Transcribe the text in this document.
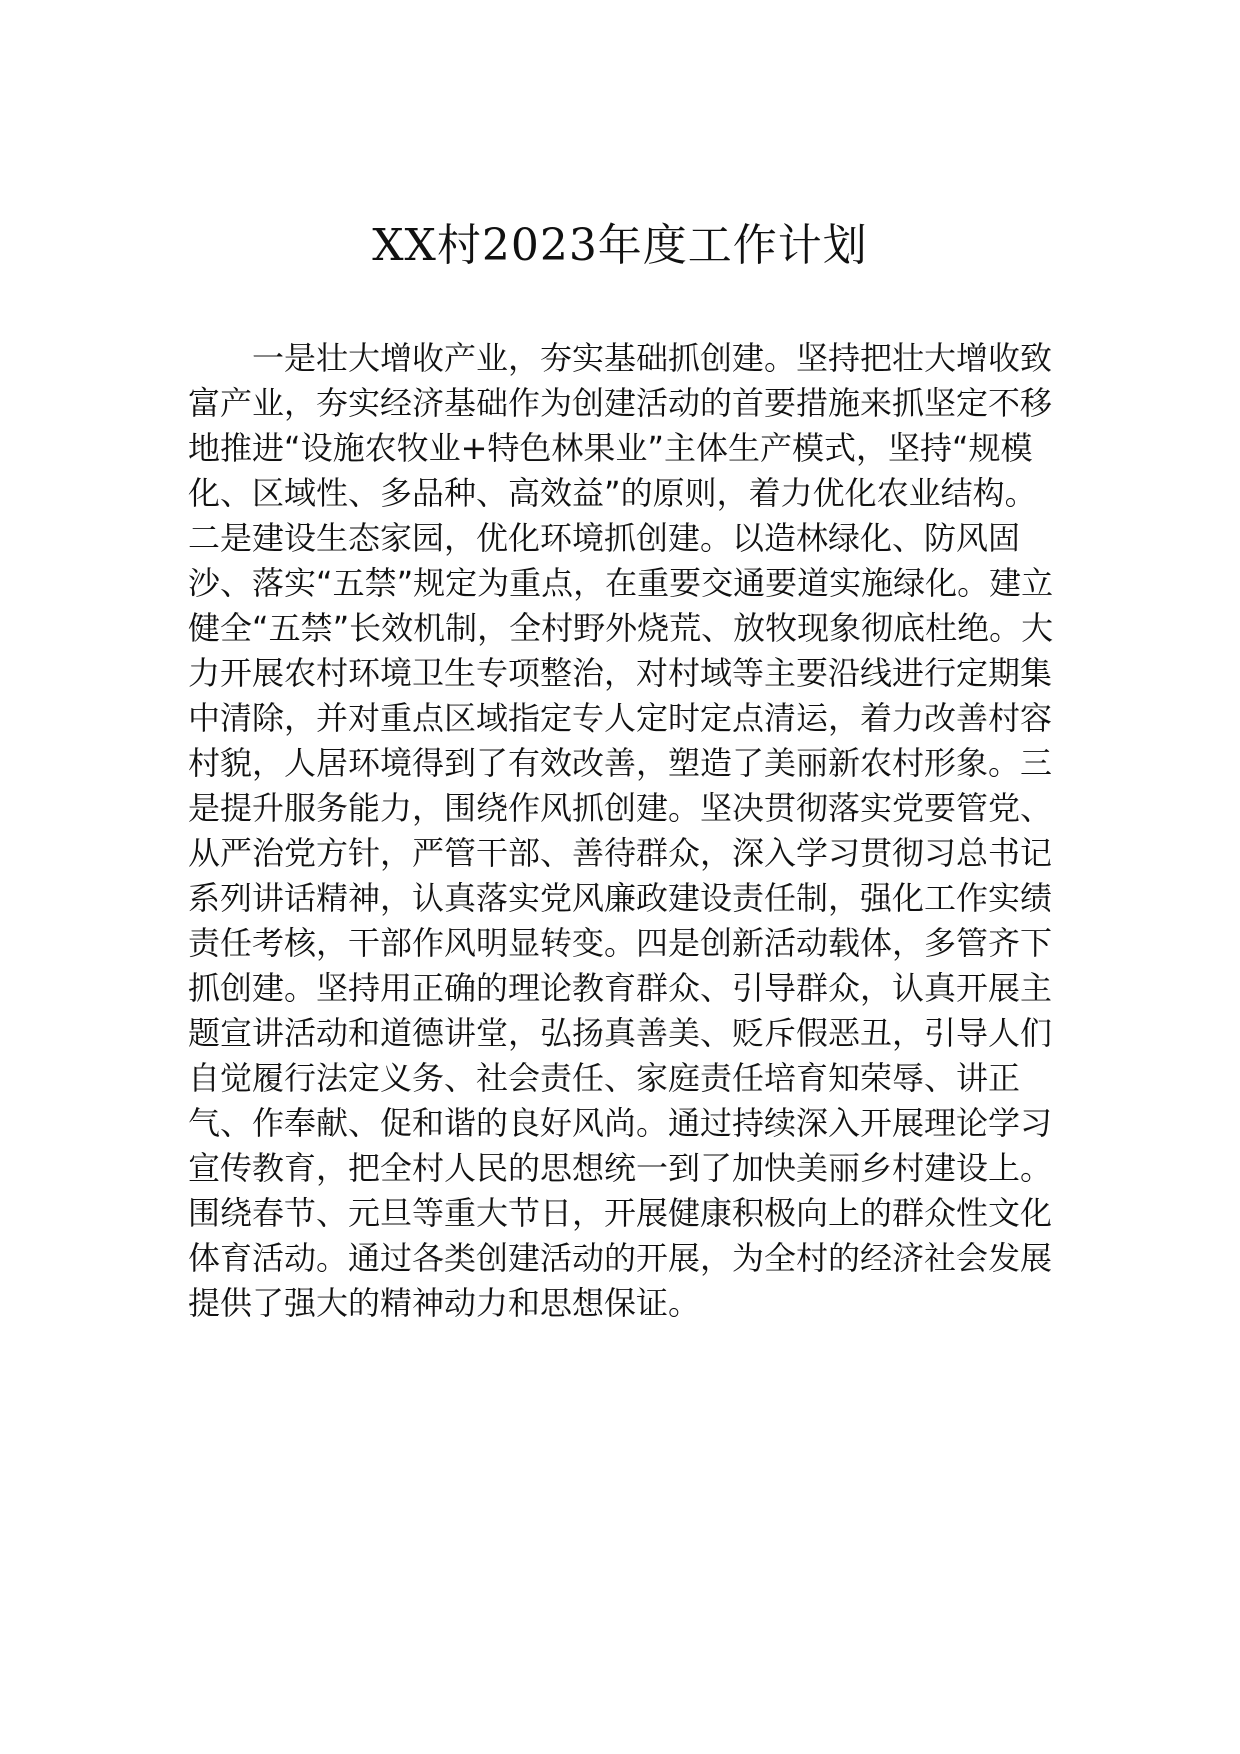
XX村2023年度工作计划

一是壮大增收产业，夯实基础抓创建。坚持把壮大增收致富产业，夯实经济基础作为创建活动的首要措施来抓坚定不移地推进“设施农牧业+特色林果业”主体生产模式，坚持“规模化、区域性、多品种、高效益”的原则，着力优化农业结构。二是建设生态家园，优化环境抓创建。以造林绿化、防风固沙、落实“五禁”规定为重点，在重要交通要道实施绿化。建立健全“五禁”长效机制，全村野外烧荒、放牧现象彻底杜绝。大力开展农村环境卫生专项整治，对村域等主要沿线进行定期集中清除，并对重点区域指定专人定时定点清运，着力改善村容村貌，人居环境得到了有效改善，塑造了美丽新农村形象。三是提升服务能力，围绕作风抓创建。坚决贯彻落实党要管党、从严治党方针，严管干部、善待群众，深入学习贯彻习总书记系列讲话精神，认真落实党风廉政建设责任制，强化工作实绩责任考核，干部作风明显转变。四是创新活动载体，多管齐下抓创建。坚持用正确的理论教育群众、引导群众，认真开展主题宣讲活动和道德讲堂，弘扬真善美、贬斥假恶丑，引导人们自觉履行法定义务、社会责任、家庭责任培育知荣辱、讲正气、作奉献、促和谐的良好风尚。通过持续深入开展理论学习宣传教育，把全村人民的思想统一到了加快美丽乡村建设上。围绕春节、元旦等重大节日，开展健康积极向上的群众性文化体育活动。通过各类创建活动的开展，为全村的经济社会发展提供了强大的精神动力和思想保证。
